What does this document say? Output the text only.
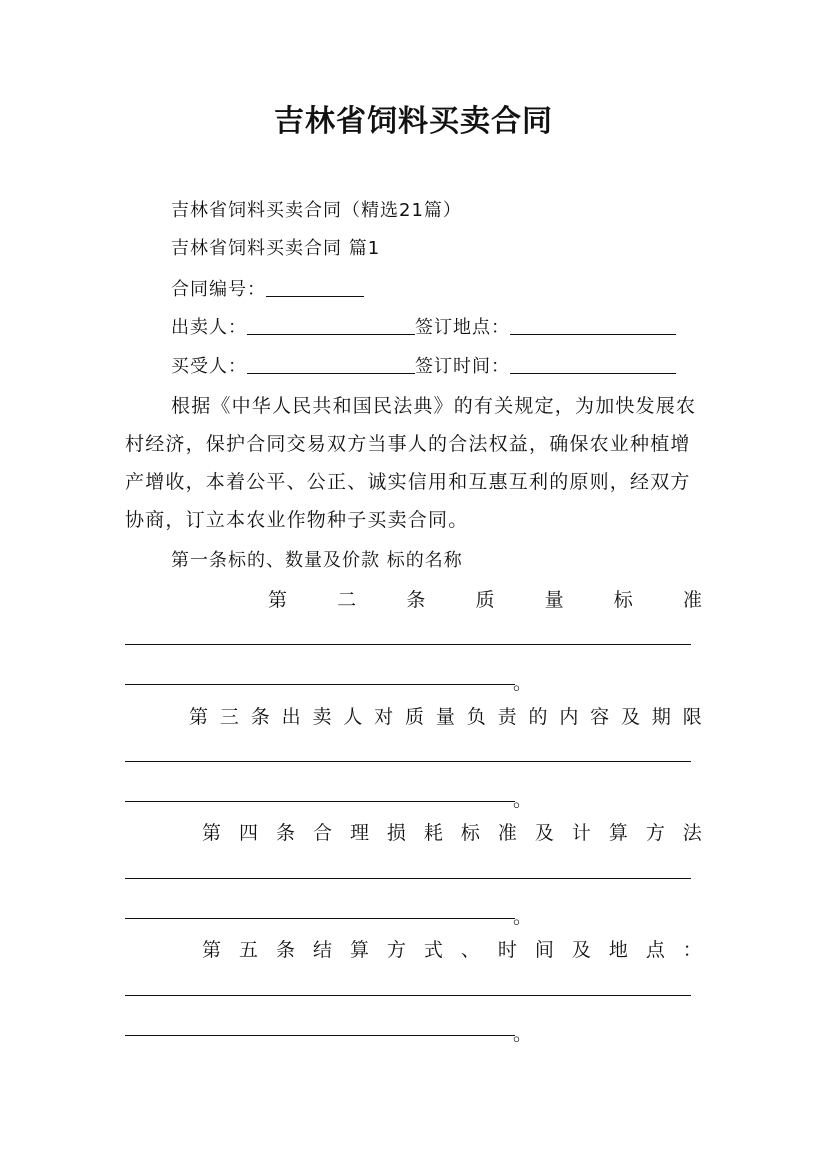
吉林省饲料买卖合同
吉林省饲料买卖合同（精选21篇）
吉林省饲料买卖合同 篇1
合同编号：
出卖人：	签订地点：
买受人：	签订时间：
根据《中华人民共和国民法典》的有关规定，为加快发展农村经济，保护合同交易双方当事人的合法权益，确保农业种植增产增收，本着公平、公正、诚实信用和互惠互利的原则，经双方协商，订立本农业作物种子买卖合同。
第一条标的、数量及价款 标的名称
第	二	条	质	量	标	准
。
第 三 条 出 卖 人 对 质 量 负 责 的 内 容 及 期 限
。
第 四 条 合 理 损 耗 标 准 及 计 算 方 法
。
第 五 条 结 算 方 式 、 时 间 及 地 点 ：
。
